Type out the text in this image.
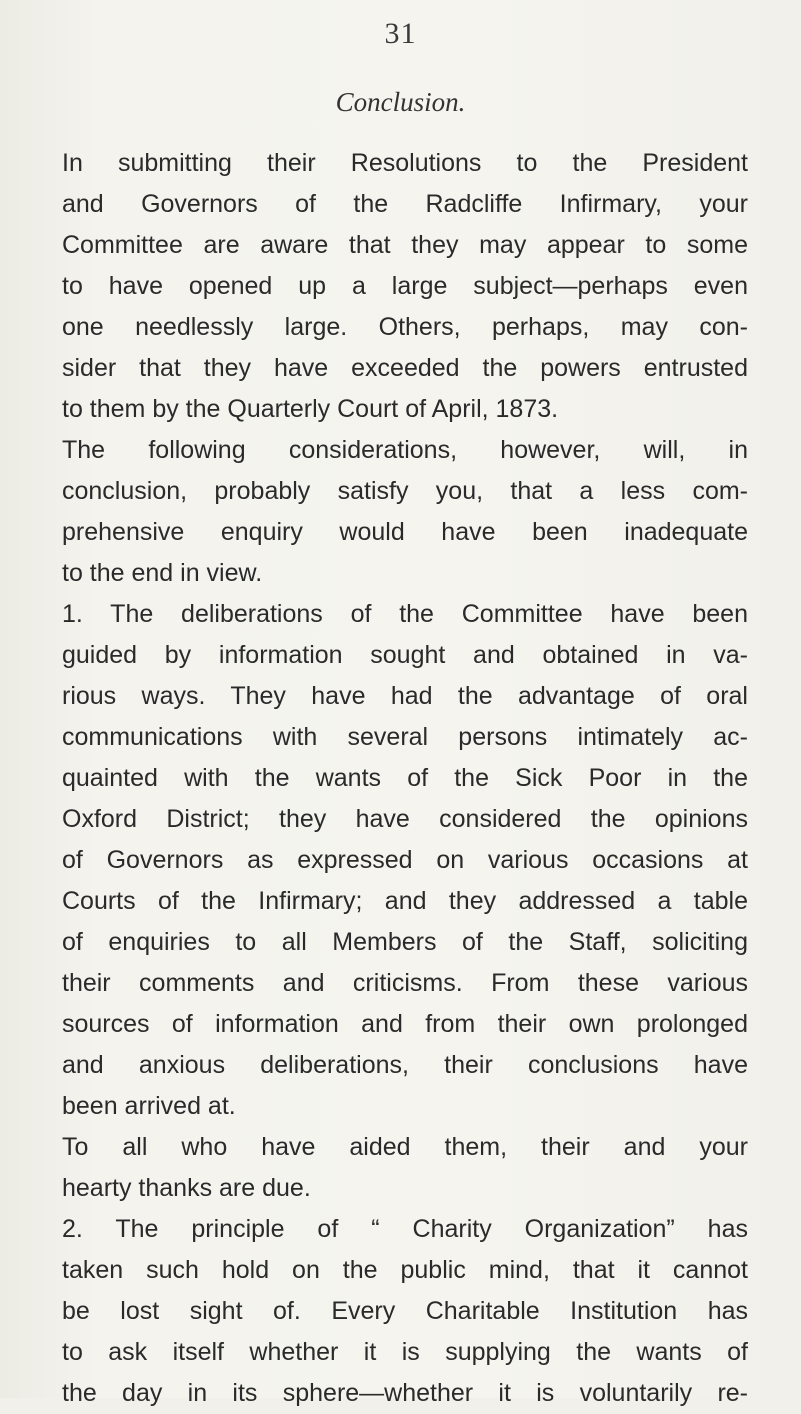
31
Conclusion.
In submitting their Resolutions to the President
and Governors of the Radcliffe Infirmary, your
Committee are aware that they may appear to some
to have opened up a large subject—perhaps even
one needlessly large. Others, perhaps, may con-
sider that they have exceeded the powers entrusted
to them by the Quarterly Court of April, 1873.
The following considerations, however, will, in
conclusion, probably satisfy you, that a less com-
prehensive enquiry would have been inadequate
to the end in view.
1. The deliberations of the Committee have been
guided by information sought and obtained in va-
rious ways. They have had the advantage of oral
communications with several persons intimately ac-
quainted with the wants of the Sick Poor in the
Oxford District; they have considered the opinions
of Governors as expressed on various occasions at
Courts of the Infirmary; and they addressed a table
of enquiries to all Members of the Staff, soliciting
their comments and criticisms. From these various
sources of information and from their own prolonged
and anxious deliberations, their conclusions have
been arrived at.
To all who have aided them, their and your
hearty thanks are due.
2. The principle of “ Charity Organization” has
taken such hold on the public mind, that it cannot
be lost sight of. Every Charitable Institution has
to ask itself whether it is supplying the wants of
the day in its sphere—whether it is voluntarily re-
